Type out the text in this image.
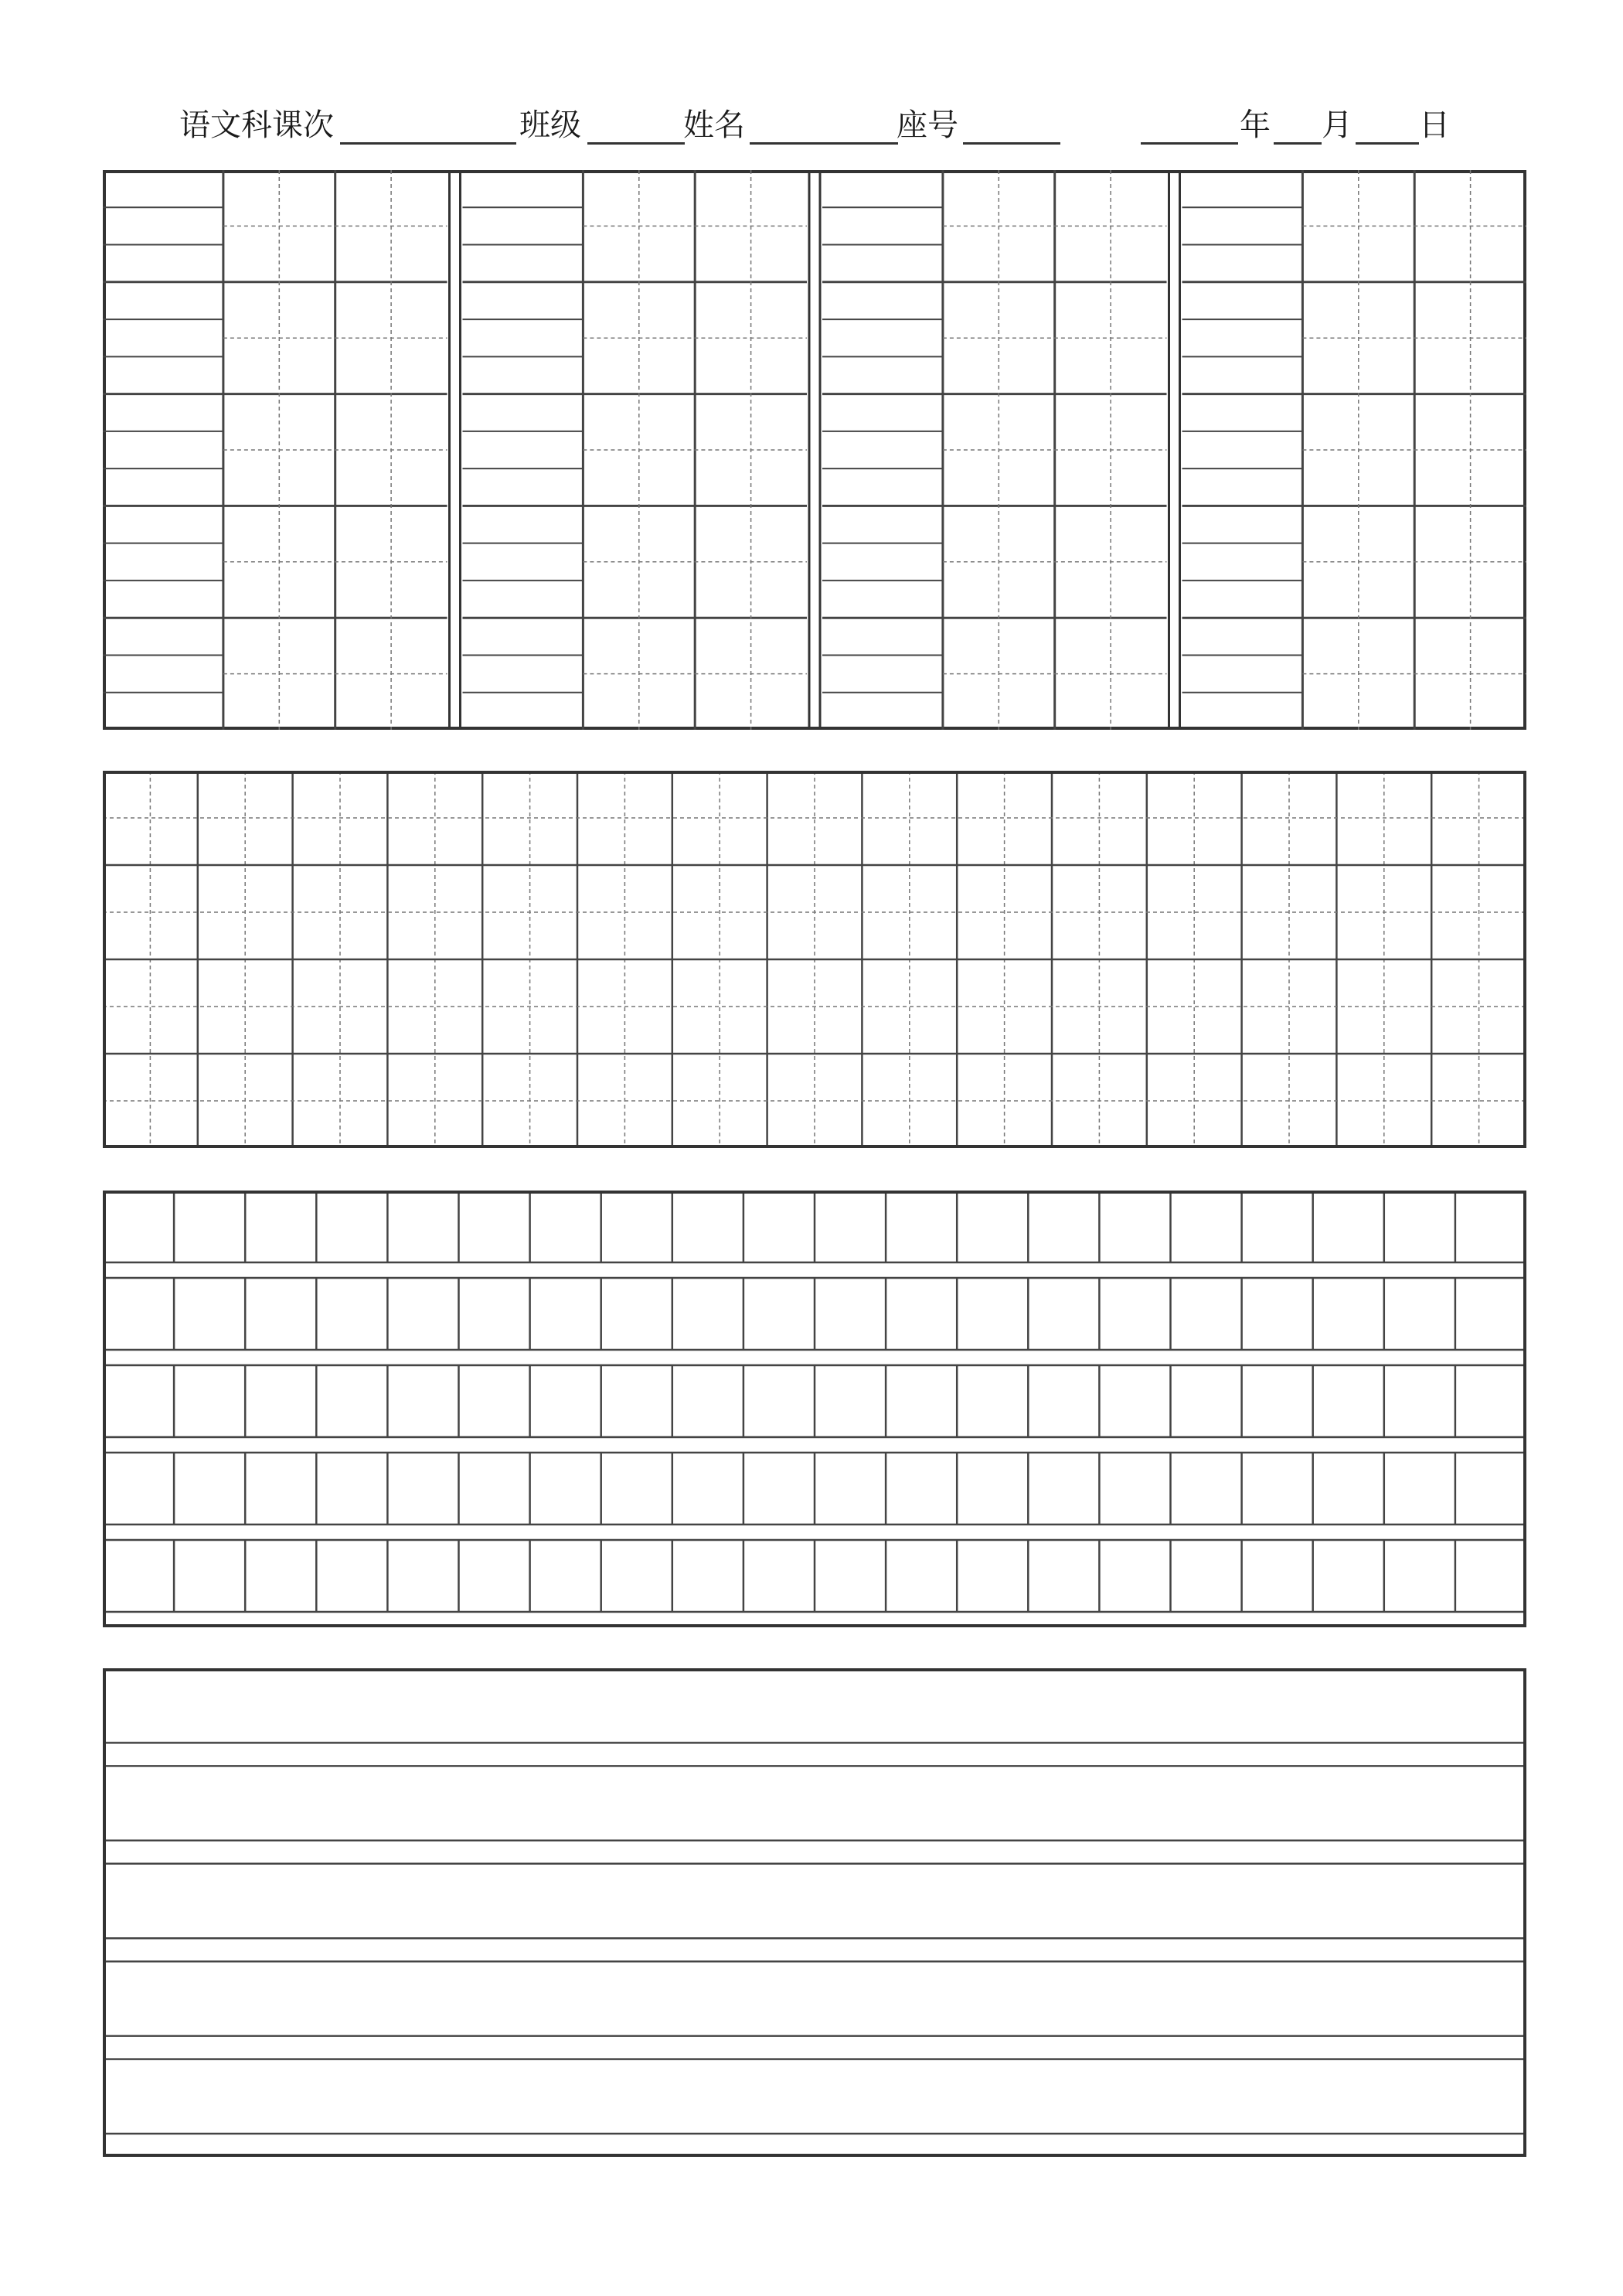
语文科课次	班级	姓名	座号	年 月 日
